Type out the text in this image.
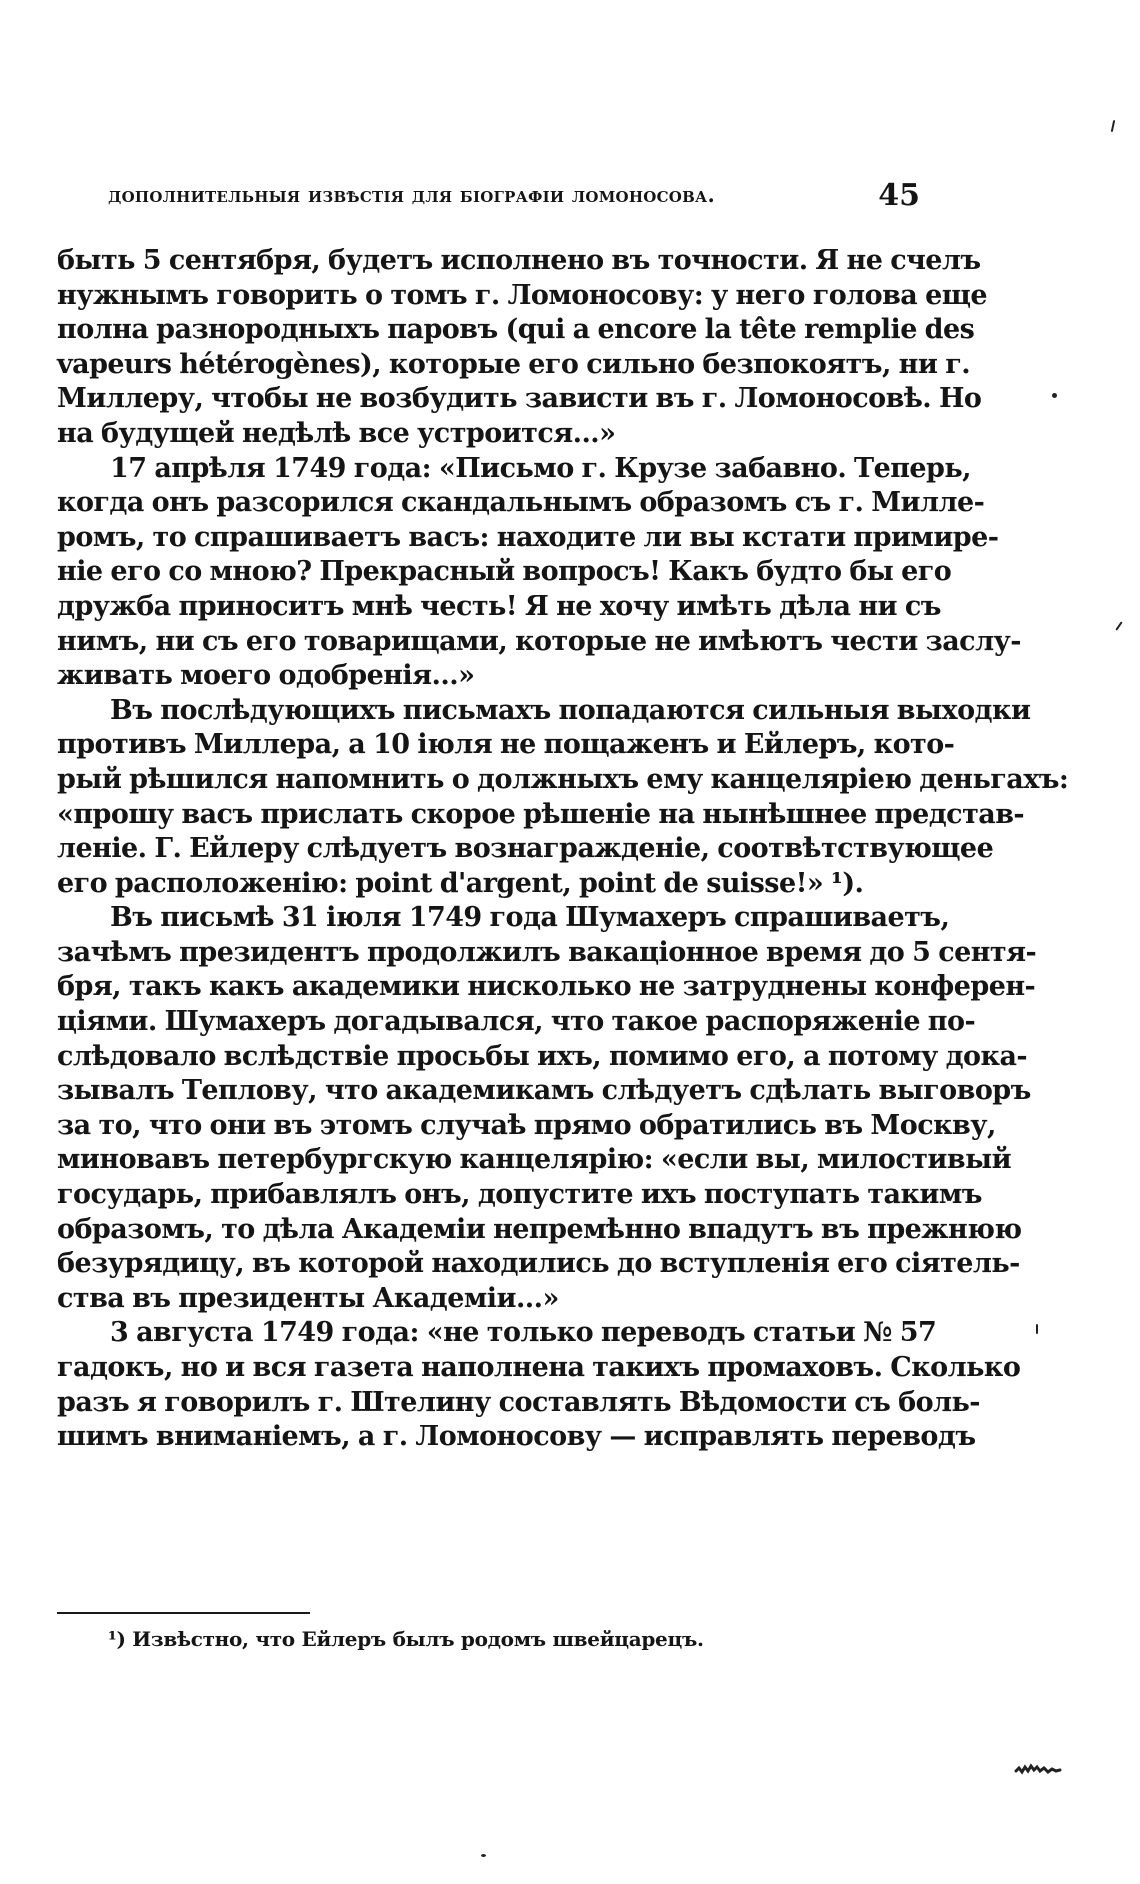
дополнительныя извѣстія для біографіи ломоносова.	45
быть 5 сентября, будетъ исполнено въ точности. Я не счелъ
нужнымъ говорить о томъ г. Ломоносову: у него голова еще
полна разнородныхъ паровъ (qui a encore la tête remplie des
vapeurs hétérogènes), которые его сильно безпокоятъ, ни г.
Миллеру, чтобы не возбудить зависти въ г. Ломоносовѣ. Но
на будущей недѣлѣ все устроится...»
17 апрѣля 1749 года: «Письмо г. Крузе забавно. Теперь,
когда онъ разсорился скандальнымъ образомъ съ г. Милле-
ромъ, то спрашиваетъ васъ: находите ли вы кстати примире-
ніе его со мною? Прекрасный вопросъ! Какъ будто бы его
дружба приноситъ мнѣ честь! Я не хочу имѣть дѣла ни съ
нимъ, ни съ его товарищами, которые не имѣютъ чести заслу-
живать моего одобренія...»
Въ послѣдующихъ письмахъ попадаются сильныя выходки
противъ Миллера, а 10 іюля не пощаженъ и Ейлеръ, кото-
рый рѣшился напомнить о должныхъ ему канцеляріею деньгахъ:
«прошу васъ прислать скорое рѣшеніе на нынѣшнее представ-
леніе. Г. Ейлеру слѣдуетъ вознагражденіе, соотвѣтствующее
его расположенію: point d'argent, point de suisse!» ¹).
Въ письмѣ 31 іюля 1749 года Шумахеръ спрашиваетъ,
зачѣмъ президентъ продолжилъ вакаціонное время до 5 сентя-
бря, такъ какъ академики нисколько не затруднены конферен-
ціями. Шумахеръ догадывался, что такое распоряженіе по-
слѣдовало вслѣдствіе просьбы ихъ, помимо его, а потому дока-
зывалъ Теплову, что академикамъ слѣдуетъ сдѣлать выговоръ
за то, что они въ этомъ случаѣ прямо обратились въ Москву,
миновавъ петербургскую канцелярію: «если вы, милостивый
государь, прибавлялъ онъ, допустите ихъ поступать такимъ
образомъ, то дѣла Академіи непремѣнно впадутъ въ прежнюю
безурядицу, въ которой находились до вступленія его сіятель-
ства въ президенты Академіи...»
3 августа 1749 года: «не только переводъ статьи № 57
гадокъ, но и вся газета наполнена такихъ промаховъ. Сколько
разъ я говорилъ г. Штелину составлять Вѣдомости съ боль-
шимъ вниманіемъ, а г. Ломоносову — исправлять переводъ
¹) Извѣстно, что Ейлеръ былъ родомъ швейцарецъ.
